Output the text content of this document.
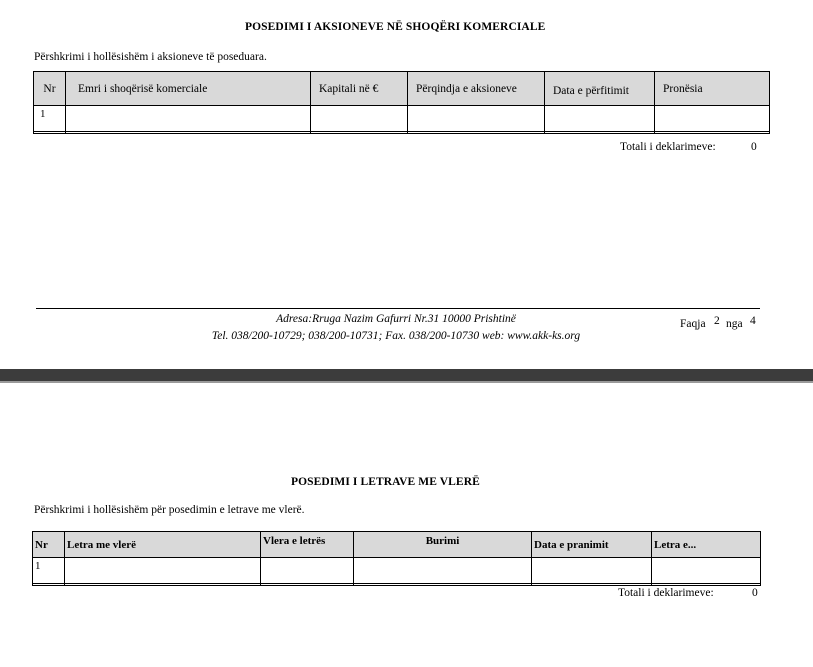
POSEDIMI I AKSIONEVE NË SHOQËRI KOMERCIALE
Përshkrimi i hollësishëm i aksioneve të poseduara.
Nr	Emri i shoqërisë komerciale	Kapitali në €	Përqindja e aksioneve	Data e përfitimit	Pronësia
1					
Totali i deklarimeve:	0
Adresa:Rruga Nazim Gafurri Nr.31 10000 Prishtinë
Tel. 038/200-10729; 038/200-10731; Fax. 038/200-10730 web: www.akk-ks.org
Faqja 2 nga 4
POSEDIMI I LETRAVE ME VLERË
Përshkrimi i hollësishëm për posedimin e letrave me vlerë.
Nr	Letra me vlerë	Vlera e letrës	Burimi	Data e pranimit	Letra e...
1					
Totali i deklarimeve:	0
